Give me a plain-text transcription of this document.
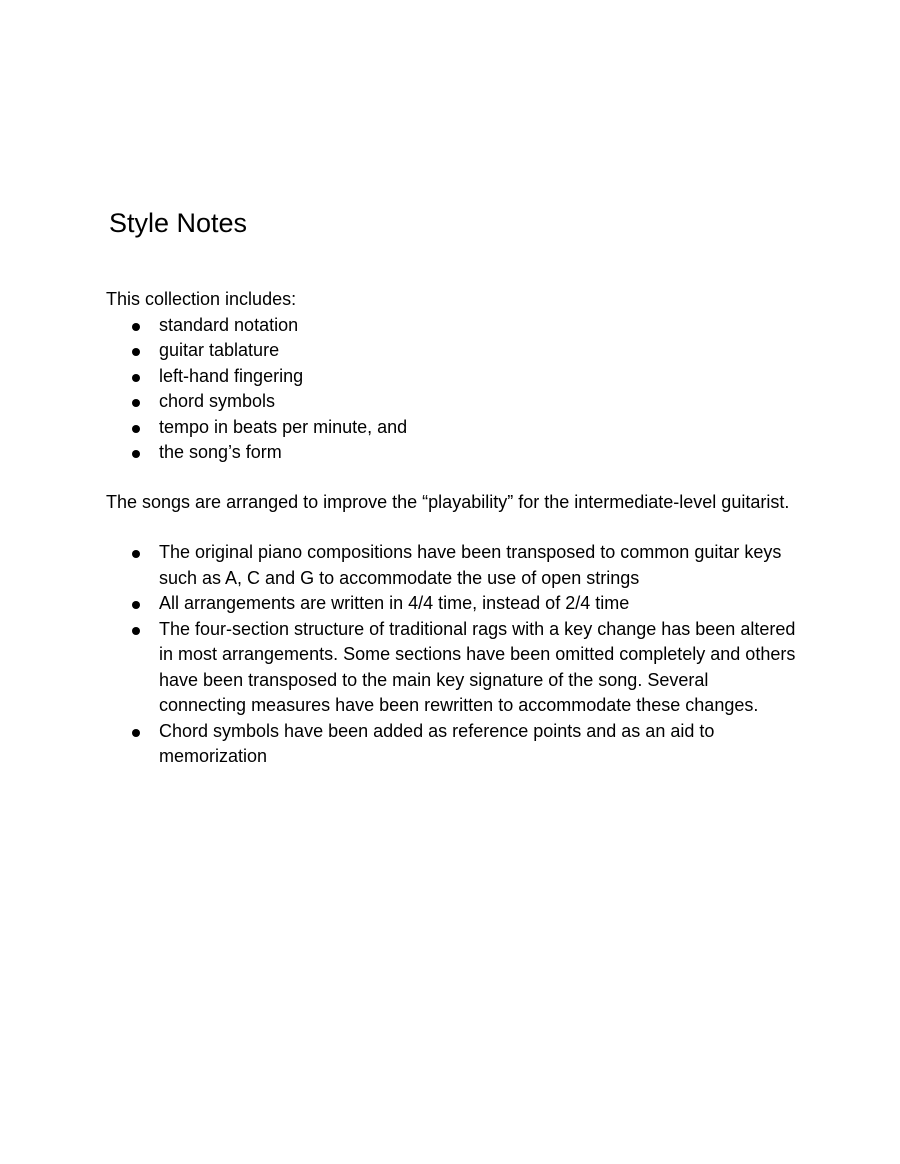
Style Notes

This collection includes:

standard notation
guitar tablature
left-hand fingering
chord symbols
tempo in beats per minute, and
the song’s form

The songs are arranged to improve the “playability” for the intermediate-level guitarist.

The original piano compositions have been transposed to common guitar keys such as A, C and G to accommodate the use of open strings
All arrangements are written in 4/4 time, instead of 2/4 time
The four-section structure of traditional rags with a key change has been altered in most arrangements. Some sections have been omitted completely and others have been transposed to the main key signature of the song. Several connecting measures have been rewritten to accommodate these changes.
Chord symbols have been added as reference points and as an aid to memorization
